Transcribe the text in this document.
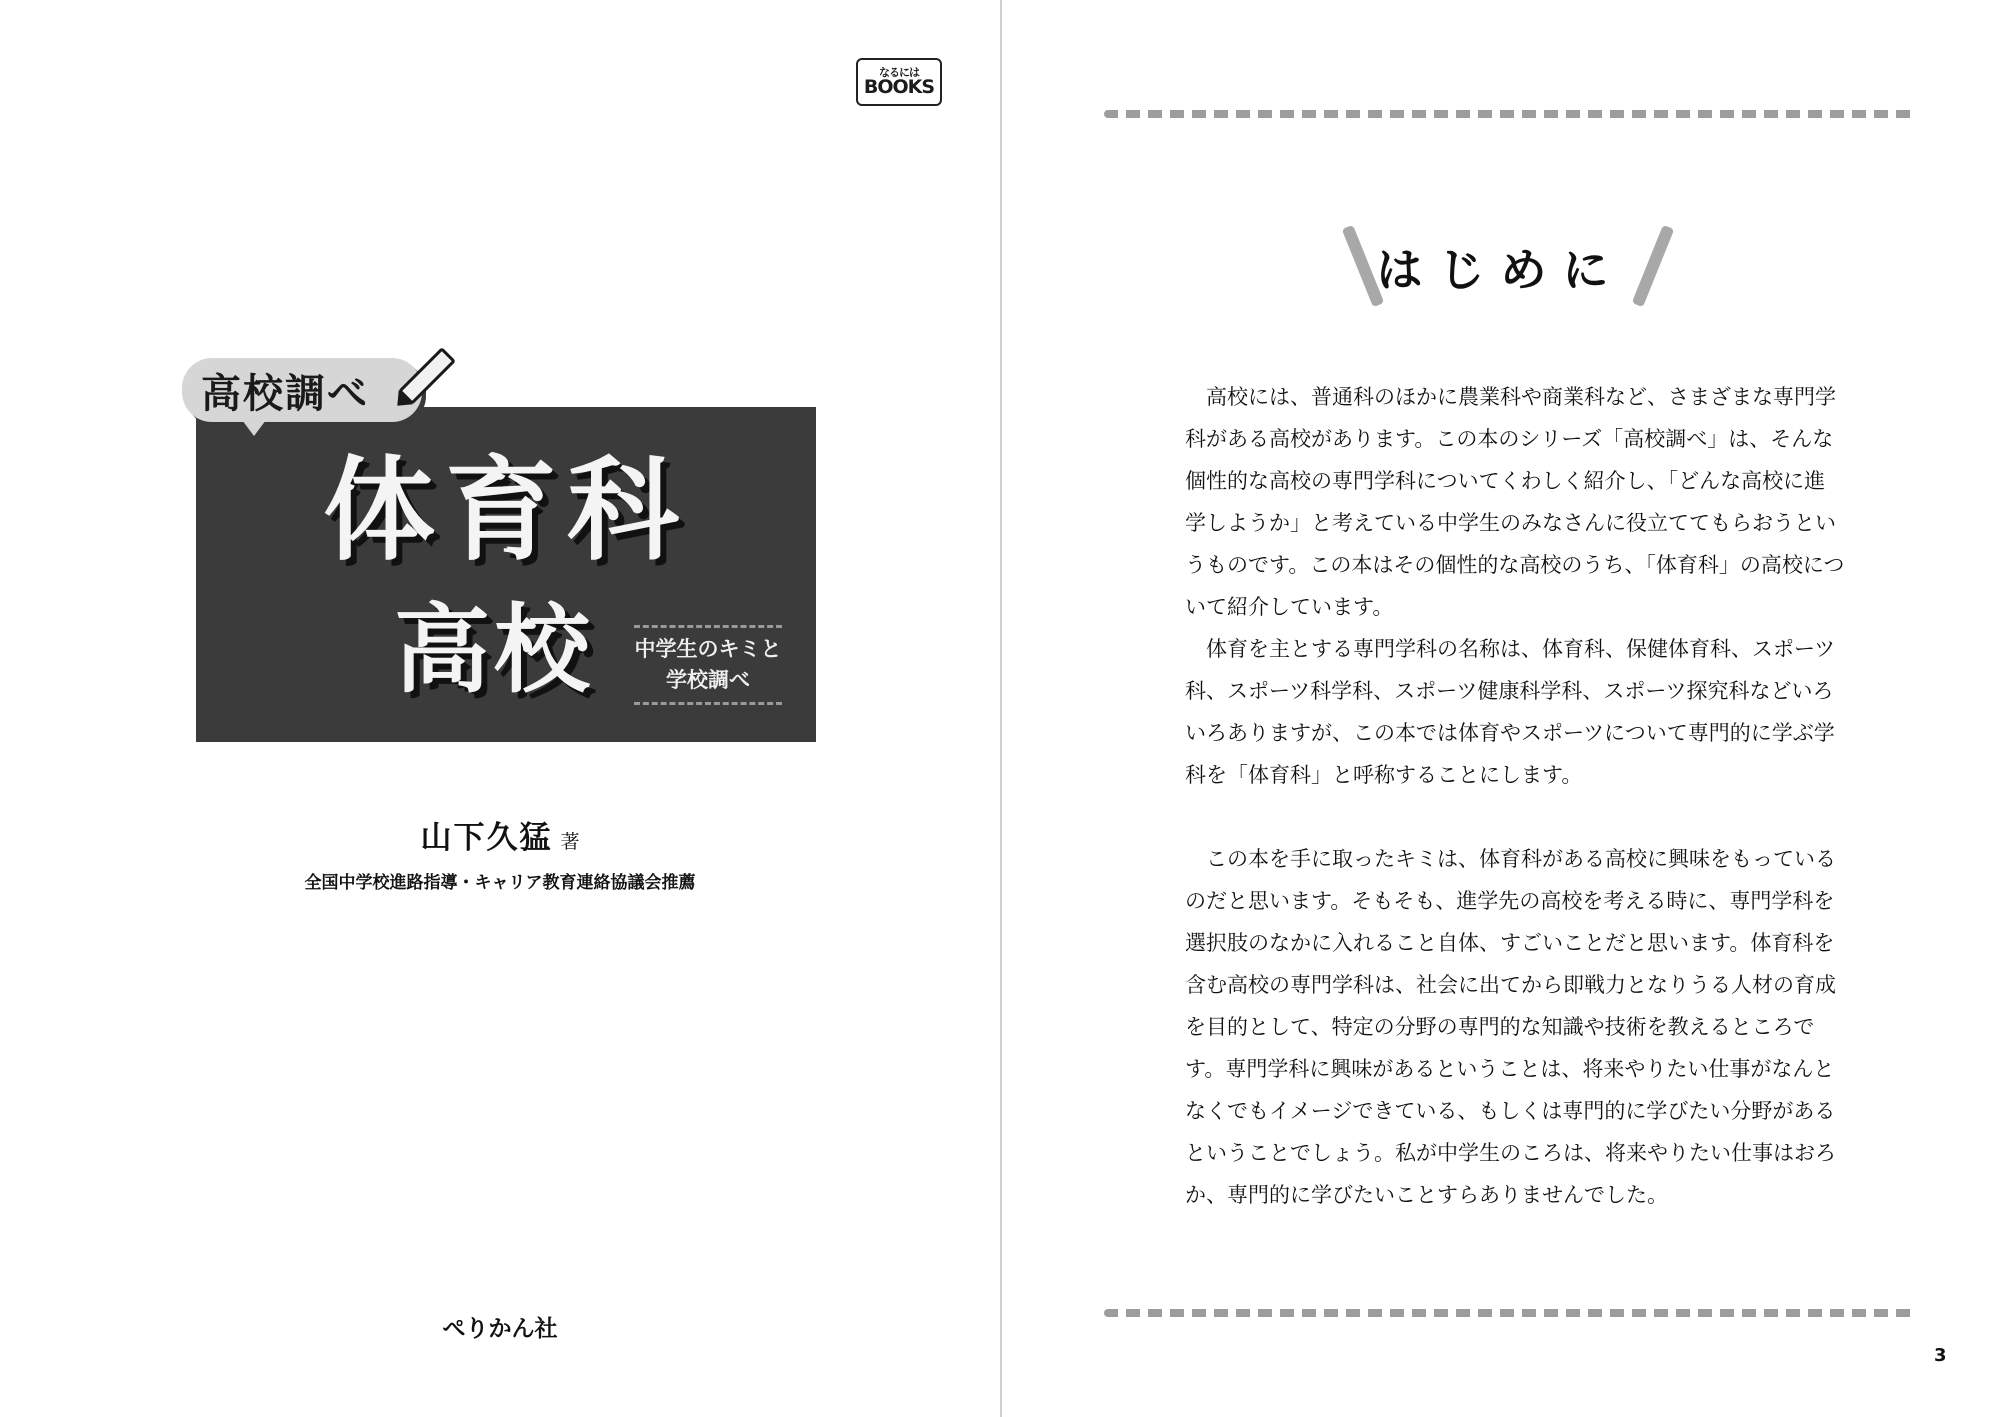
なるには
BOOKS
高校調べ
体育科
高校 中学生のキミと
学校調べ
山下久猛 著
全国中学校進路指導・キャリア教育連絡協議会推薦
ぺりかん社
はじめに

高校には、普通科のほかに農業科や商業科など、さまざまな専門学科がある高校があります。この本のシリーズ「高校調べ」は、そんな個性的な高校の専門学科についてくわしく紹介し、「どんな高校に進学しようか」と考えている中学生のみなさんに役立ててもらおうというものです。この本はその個性的な高校のうち、「体育科」の高校について紹介しています。

体育を主とする専門学科の名称は、体育科、保健体育科、スポーツ科、スポーツ科学科、スポーツ健康科学科、スポーツ探究科などいろいろありますが、この本では体育やスポーツについて専門的に学ぶ学科を「体育科」と呼称することにします。

この本を手に取ったキミは、体育科がある高校に興味をもっているのだと思います。そもそも、進学先の高校を考える時に、専門学科を選択肢のなかに入れること自体、すごいことだと思います。体育科を含む高校の専門学科は、社会に出てから即戦力となりうる人材の育成を目的として、特定の分野の専門的な知識や技術を教えるところです。専門学科に興味があるということは、将来やりたい仕事がなんとなくでもイメージできている、もしくは専門的に学びたい分野があるということでしょう。私が中学生のころは、将来やりたい仕事はおろか、専門的に学びたいことすらありませんでした。

3
